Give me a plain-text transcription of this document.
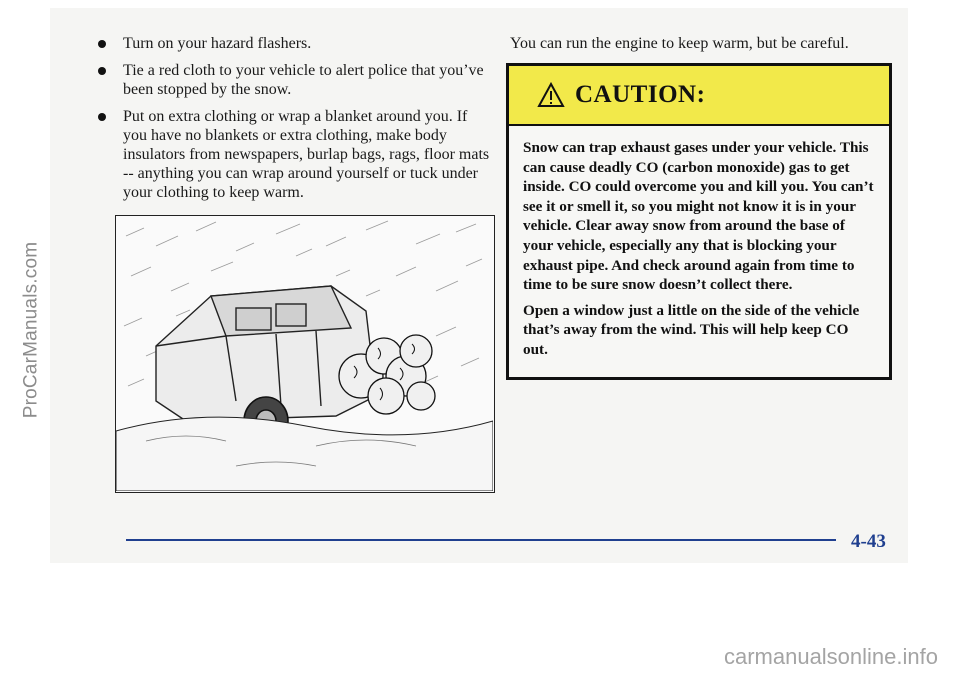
ProCarManuals.com
Turn on your hazard flashers.
Tie a red cloth to your vehicle to alert police that you’ve been stopped by the snow.
Put on extra clothing or wrap a blanket around you. If you have no blankets or extra clothing, make body insulators from newspapers, burlap bags, rags, floor mats -- anything you can wrap around yourself or tuck under your clothing to keep warm.
You can run the engine to keep warm, but be careful.
CAUTION:

Snow can trap exhaust gases under your vehicle. This can cause deadly CO (carbon monoxide) gas to get inside. CO could overcome you and kill you. You can’t see it or smell it, so you might not know it is in your vehicle. Clear away snow from around the base of your vehicle, especially any that is blocking your exhaust pipe. And check around again from time to time to be sure snow doesn’t collect there.

Open a window just a little on the side of the vehicle that’s away from the wind. This will help keep CO out.

4-43
carmanualsonline.info
